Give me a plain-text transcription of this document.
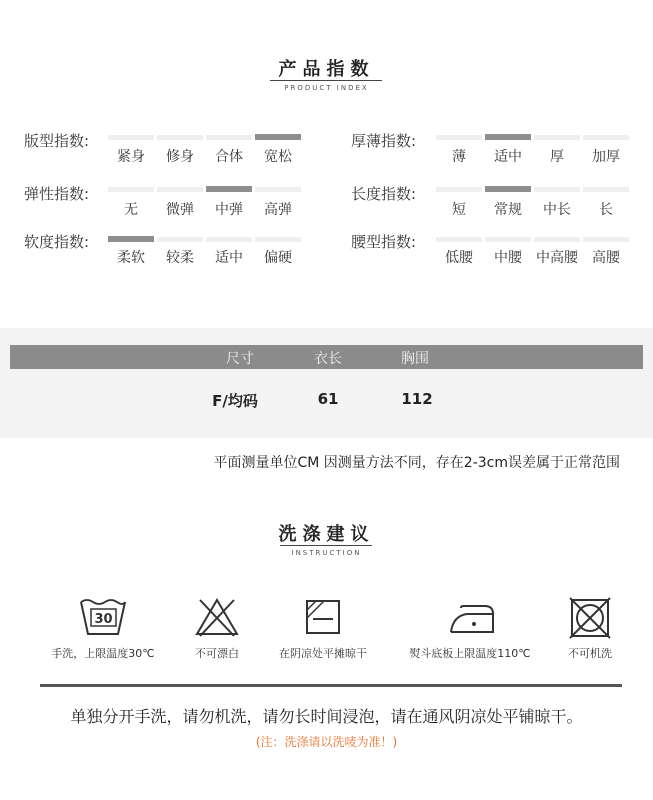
产品指数
PRODUCT INDEX
版型指数:
紧身	修身	合体	宽松
厚薄指数:
薄	适中	厚	加厚
弹性指数:
无	微弹	中弹	高弹
长度指数:
短	常规	中长	长
软度指数:
柔软	较柔	适中	偏硬
腰型指数:
低腰	中腰	中高腰	高腰
尺寸	衣长	胸围
F/均码	61	112
平面测量单位CM 因测量方法不同，存在2-3cm误差属于正常范围
洗涤建议
INSTRUCTION
30
手洗，上限温度30℃	不可漂白	在阴凉处平摊晾干	熨斗底板上限温度110℃	不可机洗
单独分开手洗，请勿机洗，请勿长时间浸泡，请在通风阴凉处平铺晾干。
(注：洗涤请以洗唛为准！)
